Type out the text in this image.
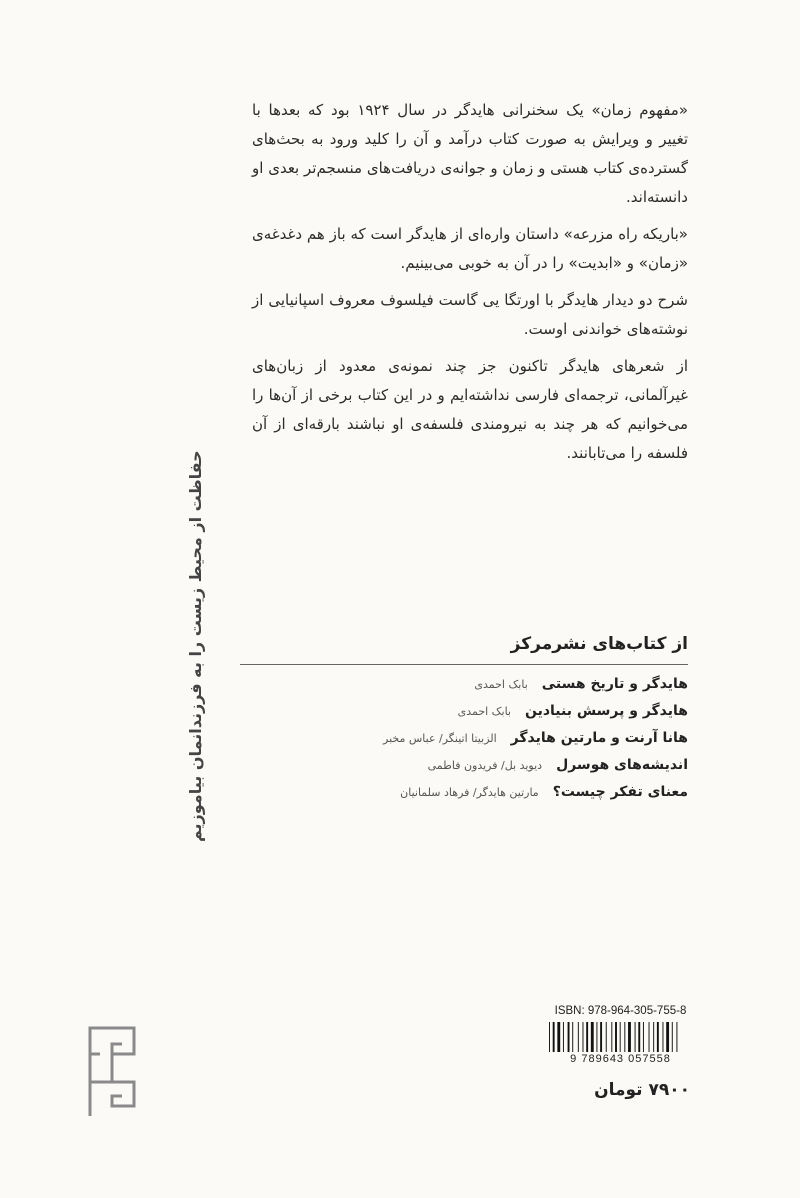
«مفهوم زمان» یک سخنرانی هایدگر در سال ۱۹۲۴ بود که بعدها با تغییر و ویرایش به صورت کتاب درآمد و آن را کلید ورود به بحث‌های گسترده‌ی کتاب هستی و زمان و جوانه‌ی دریافت‌های منسجم‌تر بعدی او دانسته‌اند.

«باریکه راه مزرعه» داستان واره‌ای از هایدگر است که باز هم دغدغه‌ی «زمان» و «ابدیت» را در آن به خوبی می‌بینیم.

شرح دو دیدار هایدگر با اورتگا یی گاست فیلسوف معروف اسپانیایی از نوشته‌های خواندنی اوست.

از شعرهای هایدگر تاکنون جز چند نمونه‌ی معدود از زبان‌های غیرآلمانی، ترجمه‌ای فارسی نداشته‌ایم و در این کتاب برخی از آن‌ها را می‌خوانیم که هر چند به نیرومندی فلسفه‌ی او نباشند بارقه‌ای از آن فلسفه را می‌تابانند.

حفاظت از محیط زیست را به فرزندانمان بیاموزیم	از کتاب‌های نشرمرکز
هایدگر و تاریخ هستی
بابک احمدی
هایدگر و پرسش بنیادین
بابک احمدی
هانا آرنت و مارتین هایدگر
الزبیتا اتینگر/ عباس مخبر
اندیشه‌های هوسرل
دیوید بل/ فریدون فاطمی
معنای تفکر چیست؟
مارتین هایدگر/ فرهاد سلمانیان
ISBN: 978-964-305-755-8
9 789643 057558
۷۹۰۰ تومان
